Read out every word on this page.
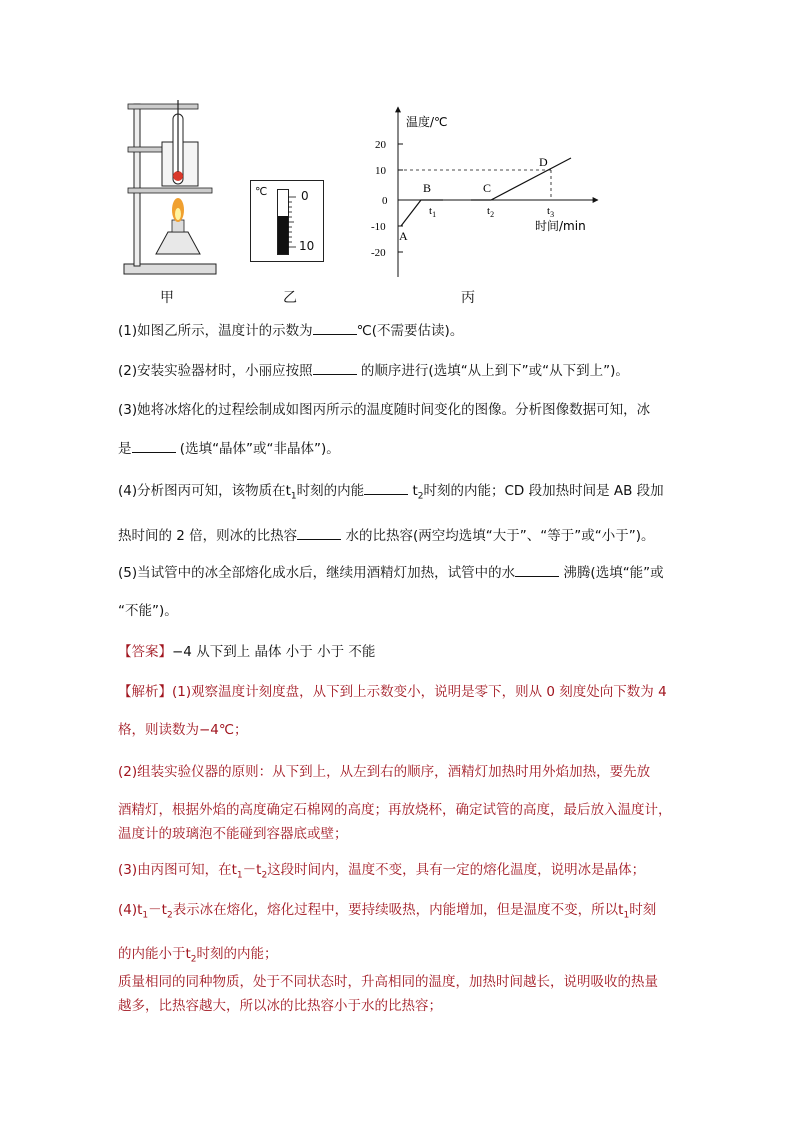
甲
℃	0
10
乙
20
10
0
-10
-20
温度/℃
时间/min
A
B	C
D
$t_1$	$t_2$	$t_3$
丙
(1)如图乙所示，温度计的示数为	℃(不需要估读)。
(2)安装实验器材时，小丽应按照	的顺序进行(选填“从上到下”或“从下到上”)。
(3)她将冰熔化的过程绘制成如图丙所示的温度随时间变化的图像。分析图像数据可知，冰
是	(选填“晶体”或“非晶体”)。
(4)分析图丙可知，该物质在$t_1$时刻的内能	$t_2$时刻的内能；CD 段加热时间是 AB 段加
热时间的 2 倍，则冰的比热容	水的比热容(两空均选填“大于”、“等于”或“小于”)。
(5)当试管中的冰全部熔化成水后，继续用酒精灯加热，试管中的水	沸腾(选填“能”或
“不能”)。
【答案】−4 从下到上 晶体 小于 小于 不能
【解析】(1)观察温度计刻度盘，从下到上示数变小，说明是零下，则从 0 刻度处向下数为 4
格，则读数为−4℃；
(2)组装实验仪器的原则：从下到上，从左到右的顺序，酒精灯加热时用外焰加热，要先放
酒精灯，根据外焰的高度确定石棉网的高度；再放烧杯，确定试管的高度，最后放入温度计，
温度计的玻璃泡不能碰到容器底或壁；
(3)由丙图可知，在$t_1-t_2$这段时间内，温度不变，具有一定的熔化温度，说明冰是晶体；
$(4)t_1-t_2$表示冰在熔化，熔化过程中，要持续吸热，内能增加，但是温度不变，所以$t_1$时刻
的内能小于$t_2$时刻的内能；
质量相同的同种物质，处于不同状态时，升高相同的温度，加热时间越长，说明吸收的热量
越多，比热容越大，所以冰的比热容小于水的比热容；
